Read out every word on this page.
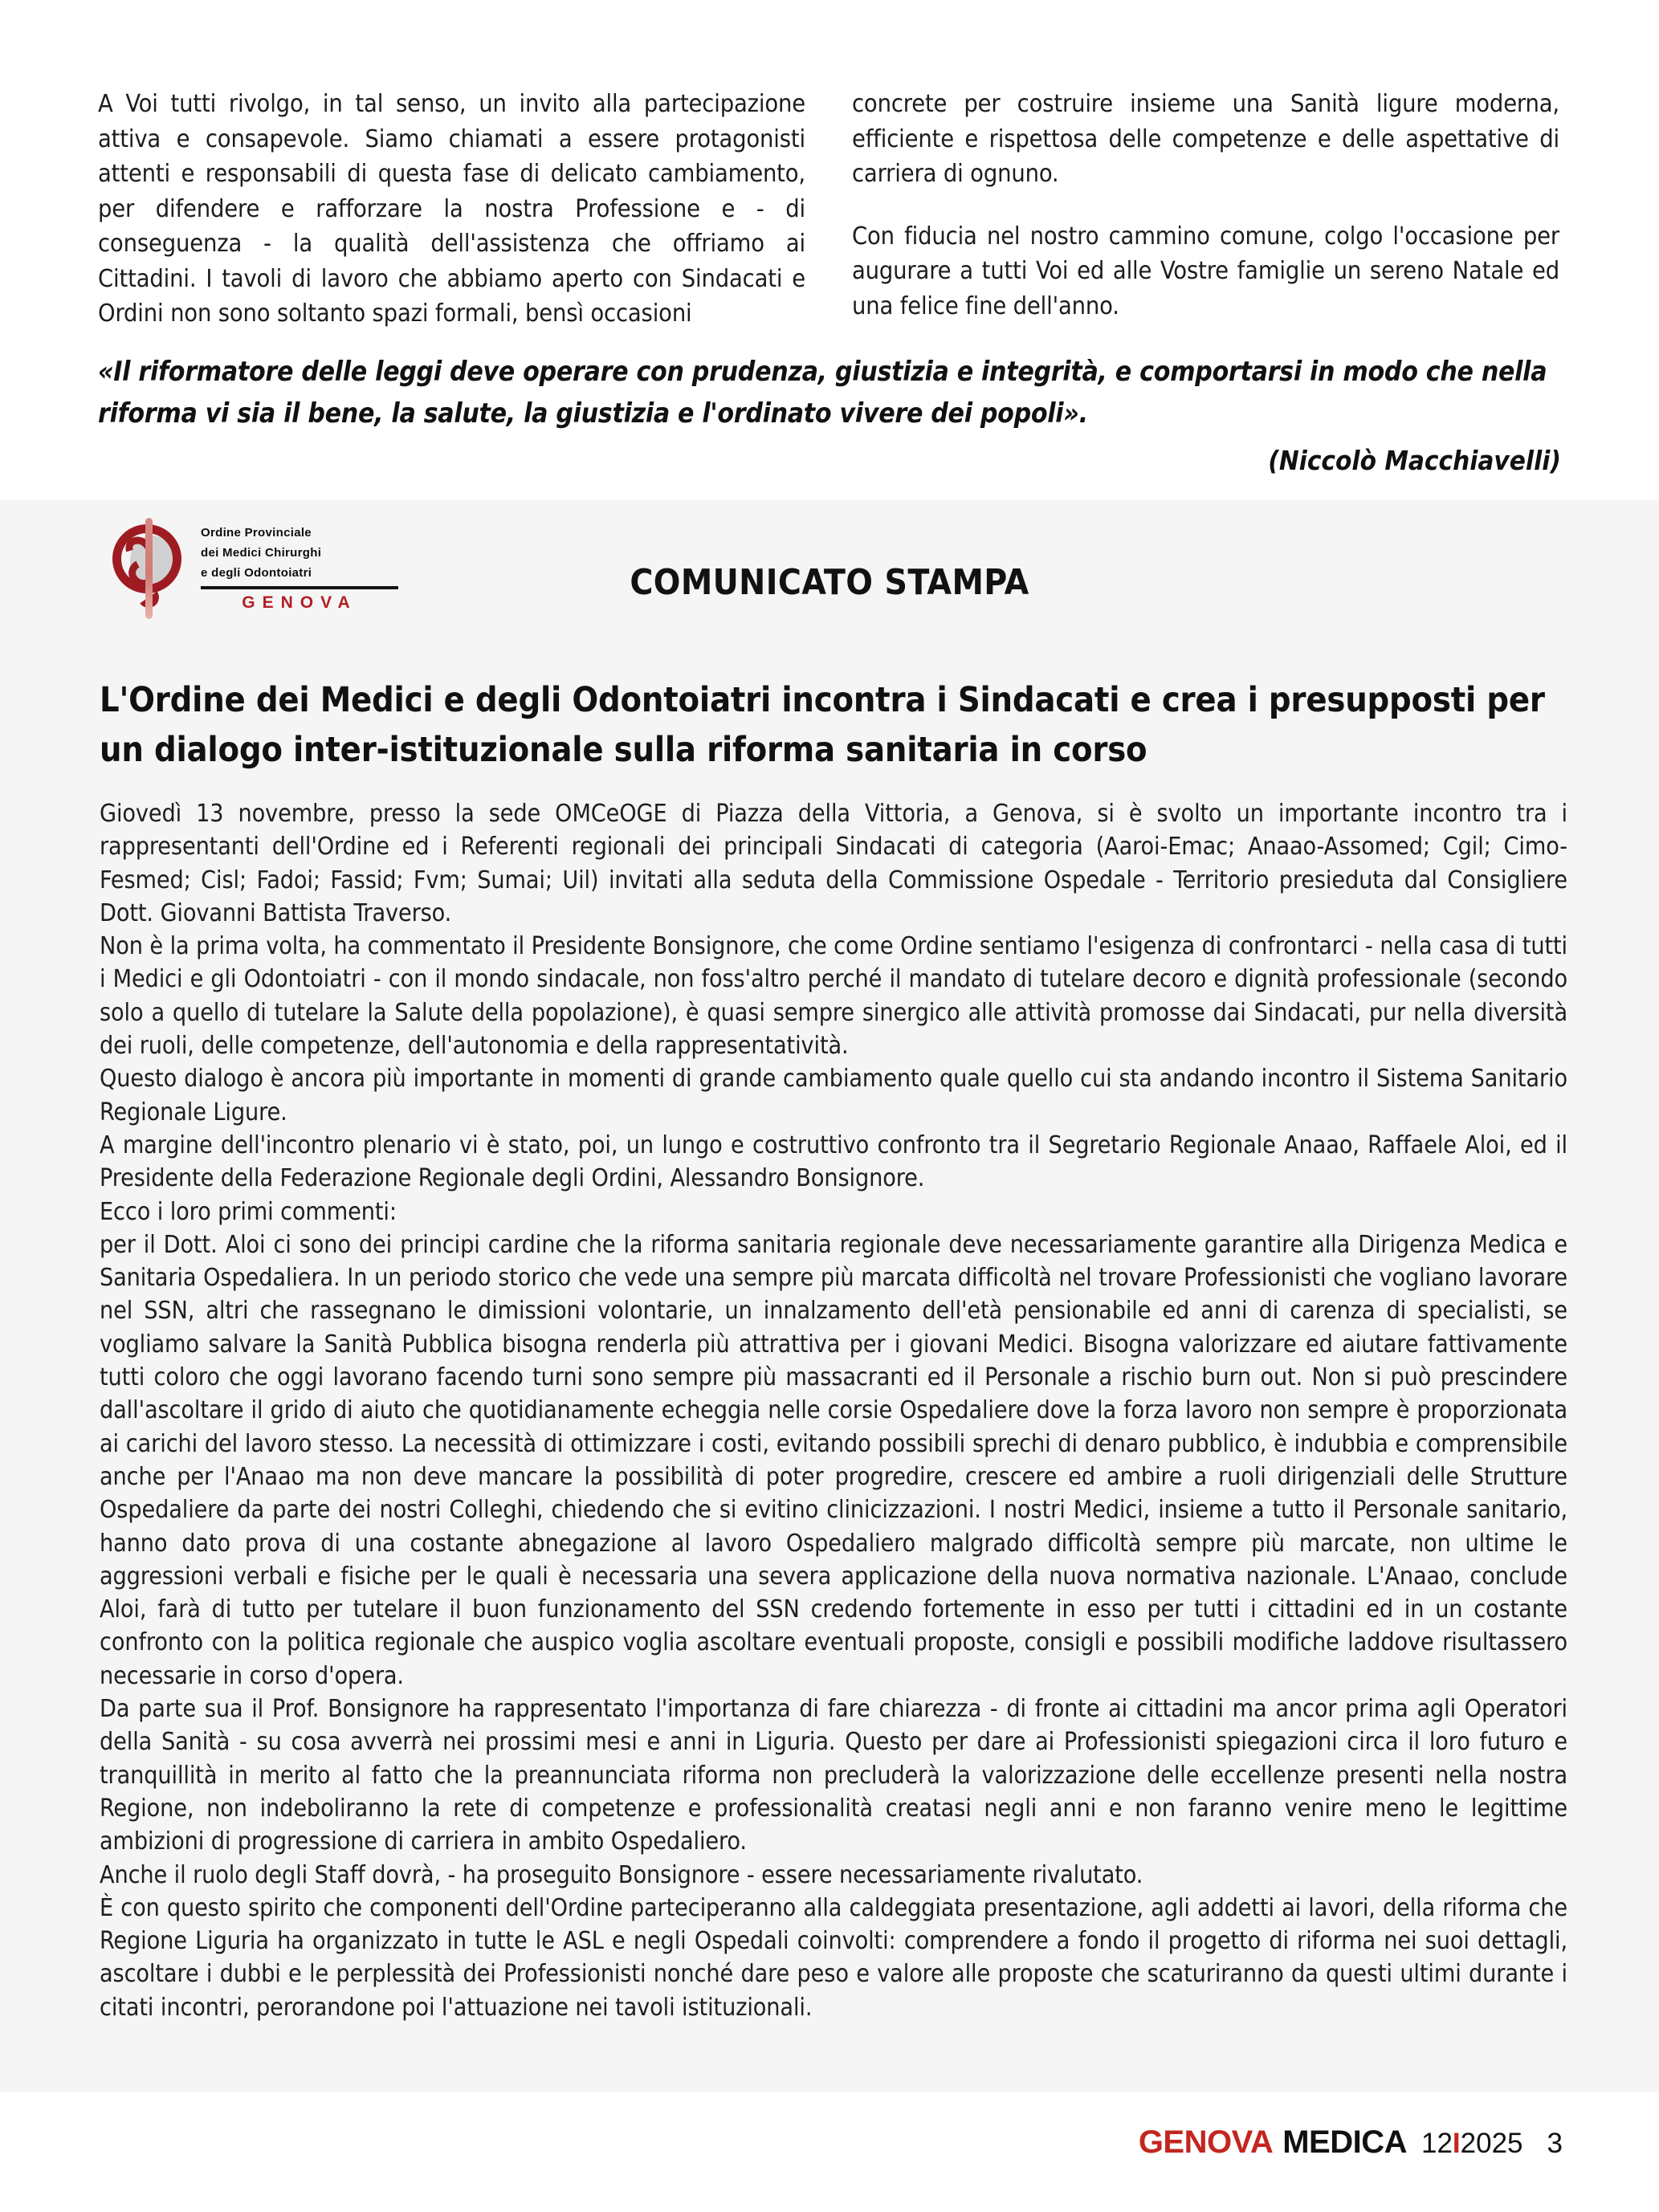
A Voi tutti rivolgo, in tal senso, un invito alla partecipazione attiva e consapevole. Siamo chiamati a essere protagonisti attenti e responsabili di questa fase di delicato cambiamento, per difendere e rafforzare la nostra Professione e - di conseguenza - la qualità dell'assistenza che offriamo ai Cittadini. I tavoli di lavoro che abbiamo aperto con Sindacati e Ordini non sono soltanto spazi formali, bensì occasioni

concrete per costruire insieme una Sanità ligure moderna, efficiente e rispettosa delle competenze e delle aspettative di carriera di ognuno.

Con fiducia nel nostro cammino comune, colgo l'occasione per augurare a tutti Voi ed alle Vostre famiglie un sereno Natale ed una felice fine dell'anno.

«Il riformatore delle leggi deve operare con prudenza, giustizia e integrità, e comportarsi in modo che nella riforma vi sia il bene, la salute, la giustizia e l'ordinato vivere dei popoli».
(Niccolò Macchiavelli)
Ordine Provinciale
dei Medici Chirurghi
e degli Odontoiatri
GENOVA	COMUNICATO STAMPA
L'Ordine dei Medici e degli Odontoiatri incontra i Sindacati e crea i presupposti per un dialogo inter-istituzionale sulla riforma sanitaria in corso

Giovedì 13 novembre, presso la sede OMCeOGE di Piazza della Vittoria, a Genova, si è svolto un importante incontro tra i rappresentanti dell'Ordine ed i Referenti regionali dei principali Sindacati di categoria (Aaroi-Emac; Anaao-Assomed; Cgil; Cimo-Fesmed; Cisl; Fadoi; Fassid; Fvm; Sumai; Uil) invitati alla seduta della Commissione Ospedale - Territorio presieduta dal Consigliere Dott. Giovanni Battista Traverso.

Non è la prima volta, ha commentato il Presidente Bonsignore, che come Ordine sentiamo l'esigenza di confrontarci - nella casa di tutti i Medici e gli Odontoiatri - con il mondo sindacale, non foss'altro perché il mandato di tutelare decoro e dignità professionale (secondo solo a quello di tutelare la Salute della popolazione), è quasi sempre sinergico alle attività promosse dai Sindacati, pur nella diversità dei ruoli, delle competenze, dell'autonomia e della rappresentatività.

Questo dialogo è ancora più importante in momenti di grande cambiamento quale quello cui sta andando incontro il Sistema Sanitario Regionale Ligure.

A margine dell'incontro plenario vi è stato, poi, un lungo e costruttivo confronto tra il Segretario Regionale Anaao, Raffaele Aloi, ed il Presidente della Federazione Regionale degli Ordini, Alessandro Bonsignore.

Ecco i loro primi commenti:

per il Dott. Aloi ci sono dei principi cardine che la riforma sanitaria regionale deve necessariamente garantire alla Dirigenza Medica e Sanitaria Ospedaliera. In un periodo storico che vede una sempre più marcata difficoltà nel trovare Professionisti che vogliano lavorare nel SSN, altri che rassegnano le dimissioni volontarie, un innalzamento dell'età pensionabile ed anni di carenza di specialisti, se vogliamo salvare la Sanità Pubblica bisogna renderla più attrattiva per i giovani Medici. Bisogna valorizzare ed aiutare fattivamente tutti coloro che oggi lavorano facendo turni sono sempre più massacranti ed il Personale a rischio burn out. Non si può prescindere dall'ascoltare il grido di aiuto che quotidianamente echeggia nelle corsie Ospedaliere dove la forza lavoro non sempre è proporzionata ai carichi del lavoro stesso. La necessità di ottimizzare i costi, evitando possibili sprechi di denaro pubblico, è indubbia e comprensibile anche per l'Anaao ma non deve mancare la possibilità di poter progredire, crescere ed ambire a ruoli dirigenziali delle Strutture Ospedaliere da parte dei nostri Colleghi, chiedendo che si evitino clinicizzazioni. I nostri Medici, insieme a tutto il Personale sanitario, hanno dato prova di una costante abnegazione al lavoro Ospedaliero malgrado difficoltà sempre più marcate, non ultime le aggressioni verbali e fisiche per le quali è necessaria una severa applicazione della nuova normativa nazionale. L'Anaao, conclude Aloi, farà di tutto per tutelare il buon funzionamento del SSN credendo fortemente in esso per tutti i cittadini ed in un costante confronto con la politica regionale che auspico voglia ascoltare eventuali proposte, consigli e possibili modifiche laddove risultassero necessarie in corso d'opera.

Da parte sua il Prof. Bonsignore ha rappresentato l'importanza di fare chiarezza - di fronte ai cittadini ma ancor prima agli Operatori della Sanità - su cosa avverrà nei prossimi mesi e anni in Liguria. Questo per dare ai Professionisti spiegazioni circa il loro futuro e tranquillità in merito al fatto che la preannunciata riforma non precluderà la valorizzazione delle eccellenze presenti nella nostra Regione, non indeboliranno la rete di competenze e professionalità creatasi negli anni e non faranno venire meno le legittime ambizioni di progressione di carriera in ambito Ospedaliero.

Anche il ruolo degli Staff dovrà, - ha proseguito Bonsignore - essere necessariamente rivalutato.

È con questo spirito che componenti dell'Ordine parteciperanno alla caldeggiata presentazione, agli addetti ai lavori, della riforma che Regione Liguria ha organizzato in tutte le ASL e negli Ospedali coinvolti: comprendere a fondo il progetto di riforma nei suoi dettagli, ascoltare i dubbi e le perplessità dei Professionisti nonché dare peso e valore alle proposte che scaturiranno da questi ultimi durante i citati incontri, perorandone poi l'attuazione nei tavoli istituzionali.

GENOVA MEDICA 12I2025 3
